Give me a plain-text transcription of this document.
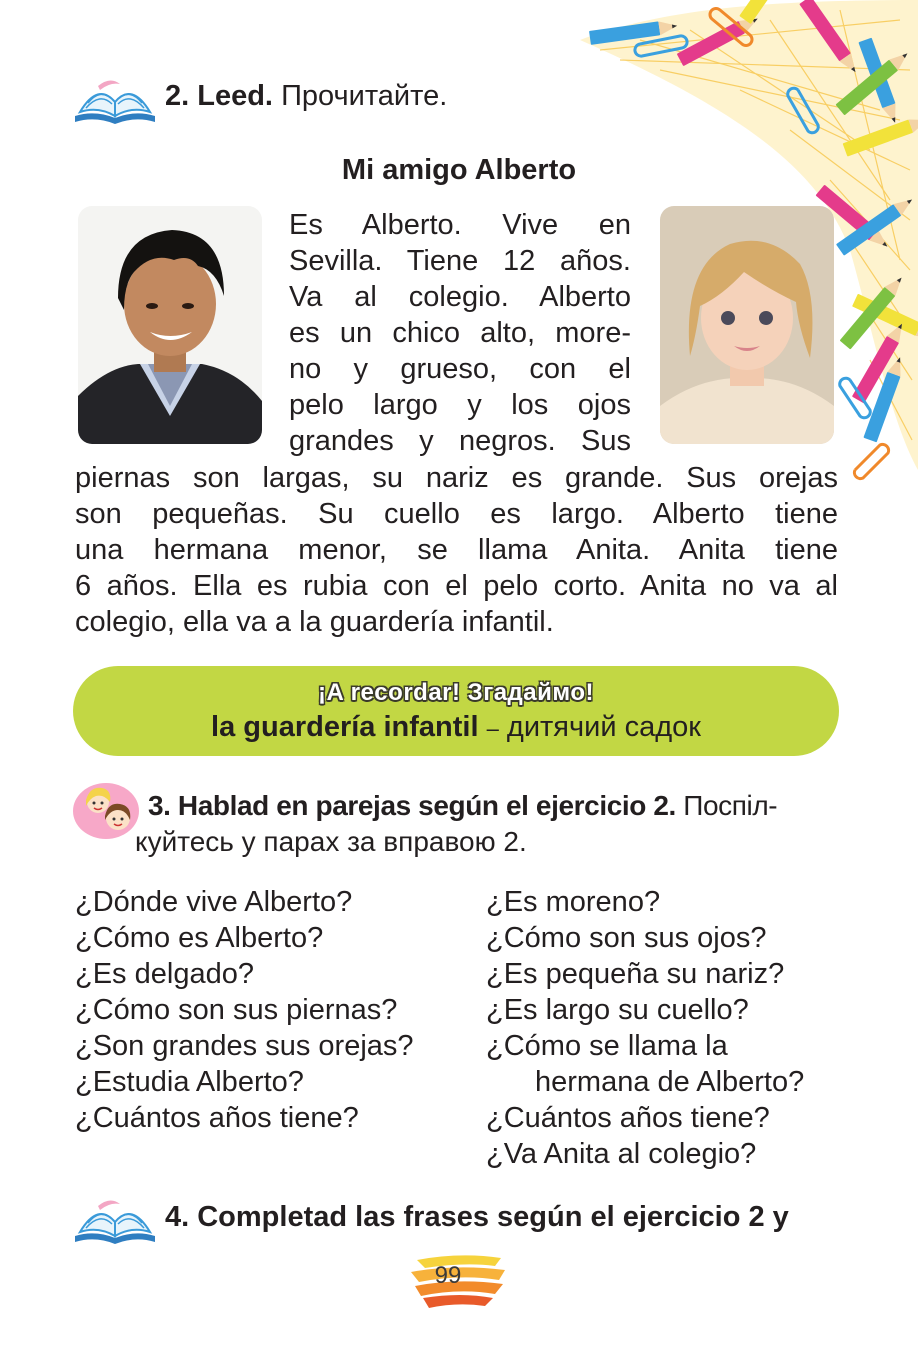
2. Leed. Прочитайте.
Mi amigo Alberto

Es Alberto. Vive en

Sevilla. Tiene 12 años.

Va al colegio. Alberto

es un chico alto, more-

no y grueso, con el

pelo largo y los ojos

grandes y negros. Sus

piernas son largas, su nariz es grande. Sus orejas

son pequeñas. Su cuello es largo. Alberto tiene

una hermana menor, se llama Anita. Anita tiene

6 años. Ella es rubia con el pelo corto. Anita no va al

colegio, ella va a la guardería infantil.

¡A recordar! Згадаймо!
la guardería infantil – дитячий садок
3. Hablad en parejas según el ejercicio 2. Поспіл-
куйтесь у парах за вправою 2.
¿Dónde vive Alberto?
¿Cómo es Alberto?
¿Es delgado?
¿Cómo son sus piernas?
¿Son grandes sus orejas?
¿Estudia Alberto?
¿Cuántos años tiene?
¿Es moreno?
¿Cómo son sus ojos?
¿Es pequeña su nariz?
¿Es largo su cuello?
¿Cómo se llama la
hermana de Alberto?
¿Cuántos años tiene?
¿Va Anita al colegio?
4. Completad las frases según el ejercicio 2 y
99
